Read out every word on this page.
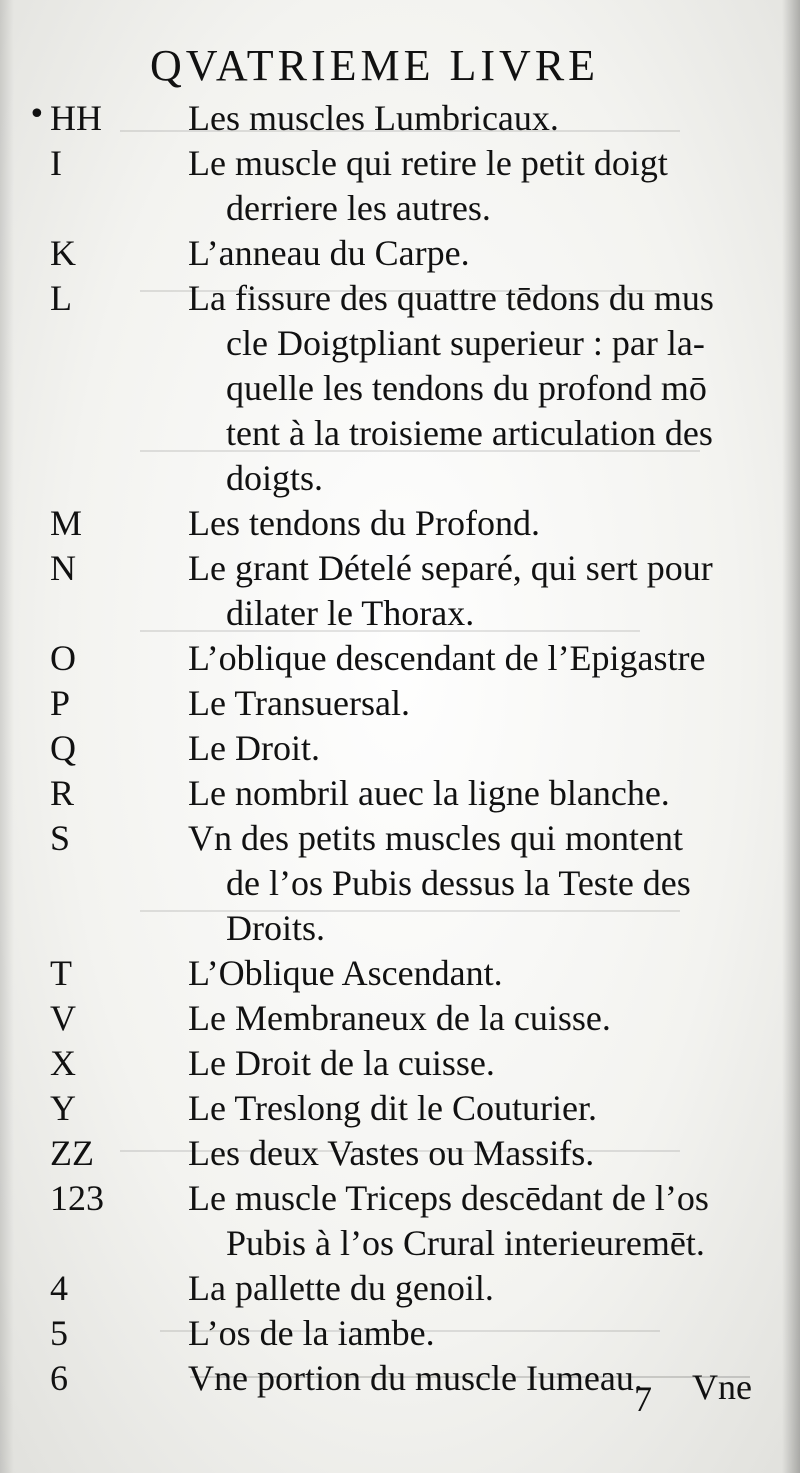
QVATRIEME LIVRE
• HH	Les muscles Lumbricaux.
I	Le muscle qui retire le petit doigt
derriere les autres.
K	L’anneau du Carpe.
L	La fissure des quattre tēdons du mus
cle Doigtpliant superieur : par la-
quelle les tendons du profond mō
tent à la troisieme articulation des
doigts.
M	Les tendons du Profond.
N	Le grant Dételé separé, qui sert pour
dilater le Thorax.
O	L’oblique descendant de l’Epigastre
P	Le Transuersal.
Q	Le Droit.
R	Le nombril auec la ligne blanche.
S	Vn des petits muscles qui montent
de l’os Pubis dessus la Teste des
Droits.
T	L’Oblique Ascendant.
V	Le Membraneux de la cuisse.
X	Le Droit de la cuisse.
Y	Le Treslong dit le Couturier.
ZZ	Les deux Vastes ou Massifs.
123	Le muscle Triceps descēdant de l’os
Pubis à l’os Crural interieuremēt.
4	La pallette du genoil.
5	L’os de la iambe.
6	Vne portion du muscle Iumeau.
7 Vne
